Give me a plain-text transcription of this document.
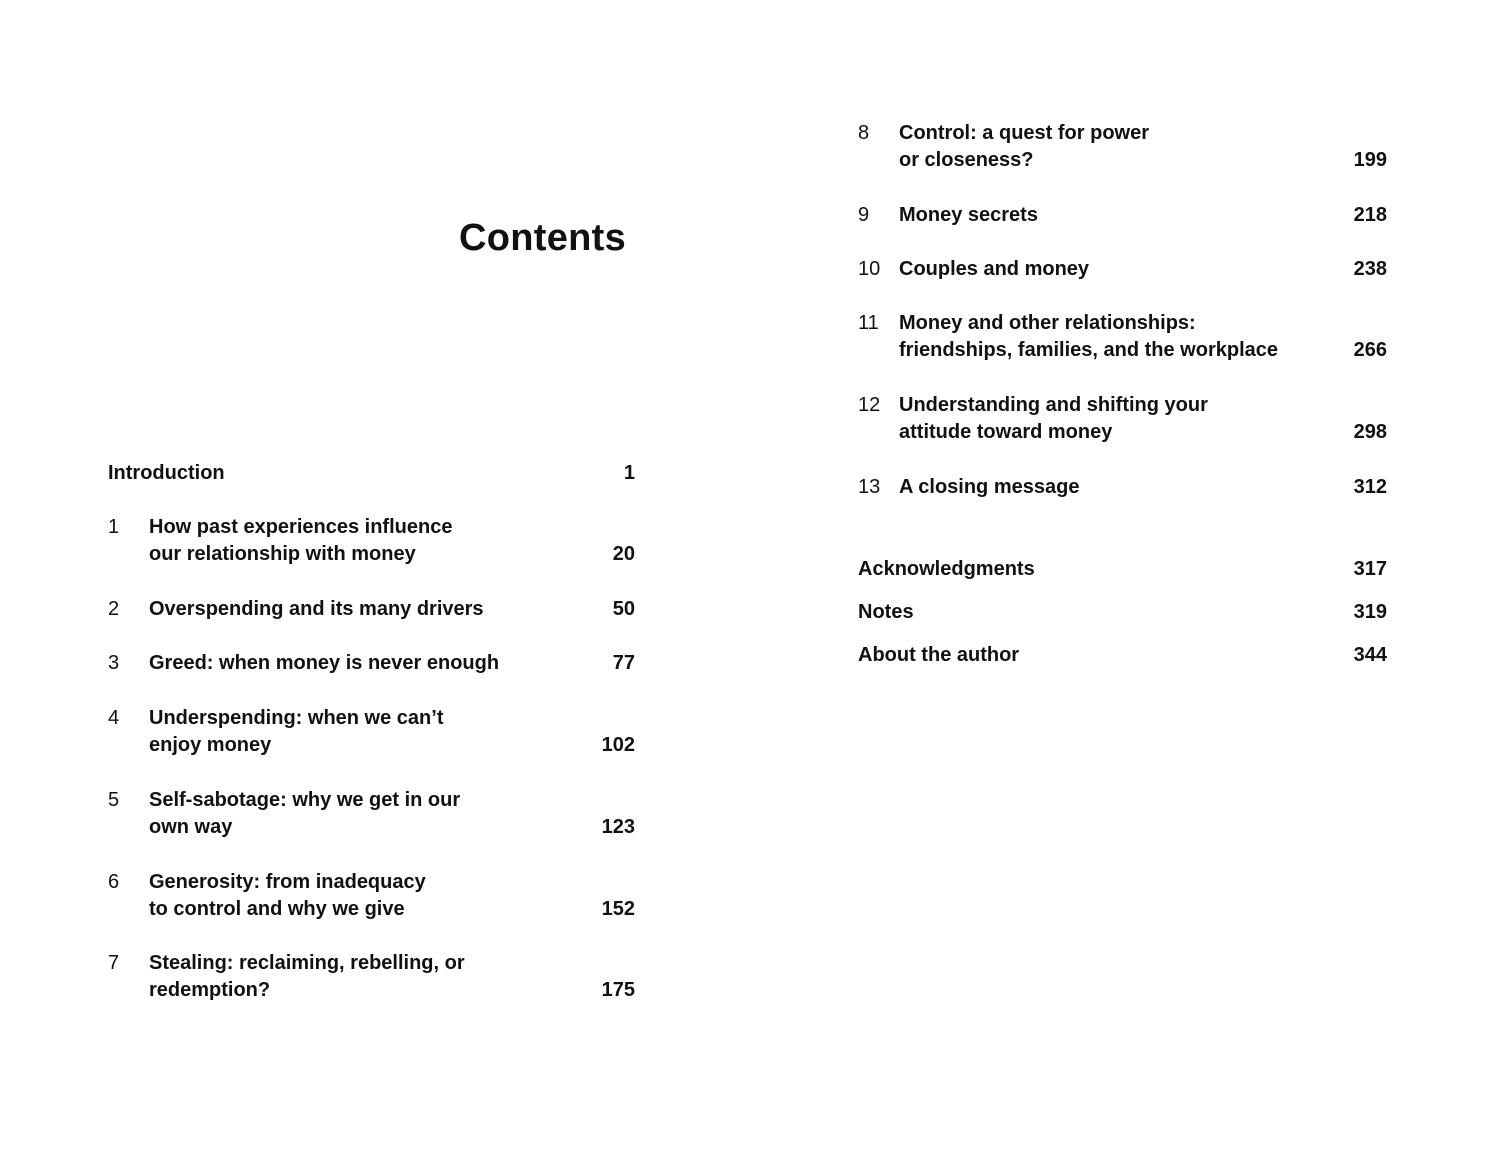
Contents
Introduction	1
1 How past experiences influence
our relationship with money	20
2 Overspending and its many drivers	50
3 Greed: when money is never enough	77
4 Underspending: when we can’t
enjoy money	102
5 Self-sabotage: why we get in our
own way	123
6 Generosity: from inadequacy
to control and why we give	152
7 Stealing: reclaiming, rebelling, or
redemption?	175
8 Control: a quest for power
or closeness?	199
9 Money secrets	218
10 Couples and money	238
11 Money and other relationships:
friendships, families, and the workplace	266
12 Understanding and shifting your
attitude toward money	298
13 A closing message	312
Acknowledgments	317
Notes	319
About the author	344
